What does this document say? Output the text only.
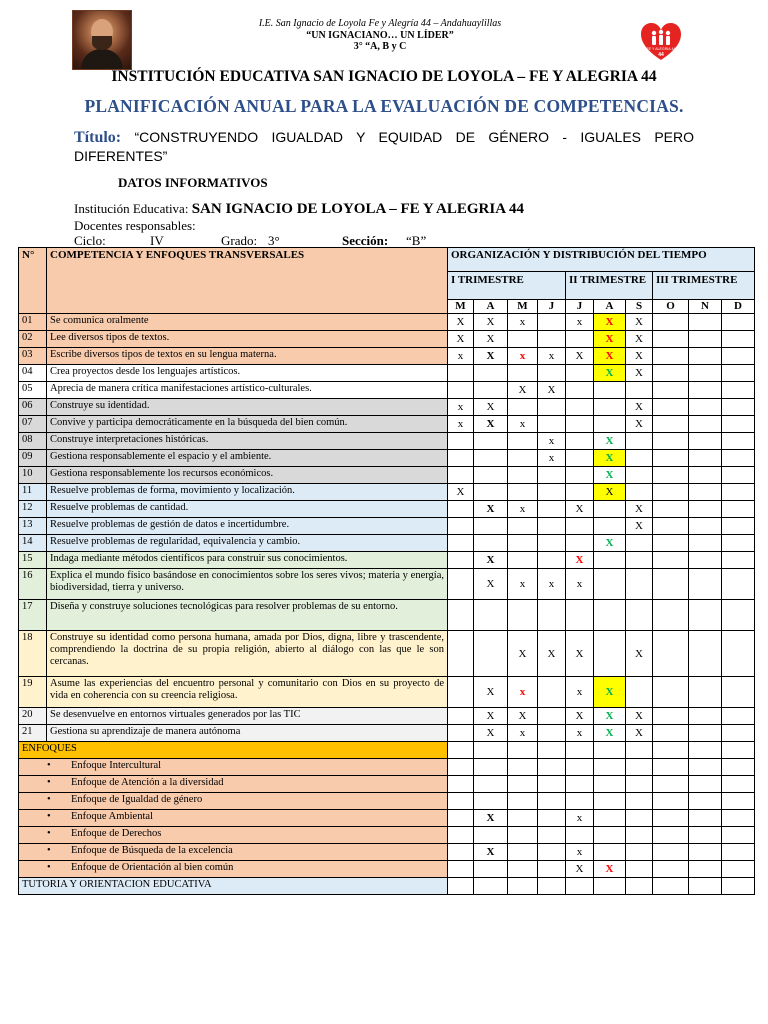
FE Y ALEGRIA 44
44
I.E. San Ignacio de Loyola Fe y Alegría 44 – Andahuaylillas
“UN IGNACIANO… UN LÍDER”
3° “A, B y C
INSTITUCIÓN EDUCATIVA SAN IGNACIO DE LOYOLA – FE Y ALEGRIA 44
PLANIFICACIÓN ANUAL PARA LA EVALUACIÓN DE COMPETENCIAS.
Título: “CONSTRUYENDO IGUALDAD Y EQUIDAD DE GÉNERO - IGUALES PERO DIFERENTES”
DATOS INFORMATIVOS
Institución Educativa: SAN IGNACIO DE LOYOLA – FE Y ALEGRIA 44
Docentes responsables:
Ciclo:	IV	Grado: 3°	Sección: “B”
N°	COMPETENCIA Y ENFOQUES TRANSVERSALES	ORGANIZACIÓN Y DISTRIBUCIÓN DEL TIEMPO									
		I TRIMESTRE				II TRIMESTRE			III TRIMESTRE		
		M	A	M	J	J	A	S	O	N	D
01	Se comunica oralmente	X	X	x		x	X	X			
02	Lee diversos tipos de textos.	X	X				X	X			
03	Escribe diversos tipos de textos en su lengua materna.	x	X	x	x	X	X	X			
04	Crea proyectos desde los lenguajes artísticos.						X	X			
05	Aprecia de manera crítica manifestaciones artístico-culturales.			X	X						
06	Construye su identidad.	x	X					X			
07	Convive y participa democráticamente en la búsqueda del bien común.	x	X	x				X			
08	Construye interpretaciones históricas.				x		X				
09	Gestiona responsablemente el espacio y el ambiente.				x		X				
10	Gestiona responsablemente los recursos económicos.						X				
11	Resuelve problemas de forma, movimiento y localización.	X					X				
12	Resuelve problemas de cantidad.		X	x		X		X			
13	Resuelve problemas de gestión de datos e incertidumbre.							X			
14	Resuelve problemas de regularidad, equivalencia y cambio.						X				
15	Indaga mediante métodos científicos para construir sus conocimientos.		X			X					
16	Explica el mundo físico basándose en conocimientos sobre los seres vivos; materia y energía, biodiversidad, tierra y universo.		X	x	x	x					
17	Diseña y construye soluciones tecnológicas para resolver problemas de su entorno.										
18	Construye su identidad como persona humana, amada por Dios, digna, libre y trascendente, comprendiendo la doctrina de su propia religión, abierto al diálogo con las que le son cercanas.			X	X	X		X			
19	Asume las experiencias del encuentro personal y comunitario con Dios en su proyecto de vida en coherencia con su creencia religiosa.		X	x		x	X				
20	Se desenvuelve en entornos virtuales generados por las TIC		X	X		X	X	X			
21	Gestiona su aprendizaje de manera autónoma		X	x		x	X	X			
ENFOQUES											
• Enfoque Intercultural										
• Enfoque de Atención a la diversidad										
• Enfoque de Igualdad de género										
• Enfoque Ambiental			X			x					
• Enfoque de Derechos										
• Enfoque de Búsqueda de la excelencia			X			x					
• Enfoque de Orientación al bien común						X	X				
TUTORIA Y ORIENTACION EDUCATIVA											
